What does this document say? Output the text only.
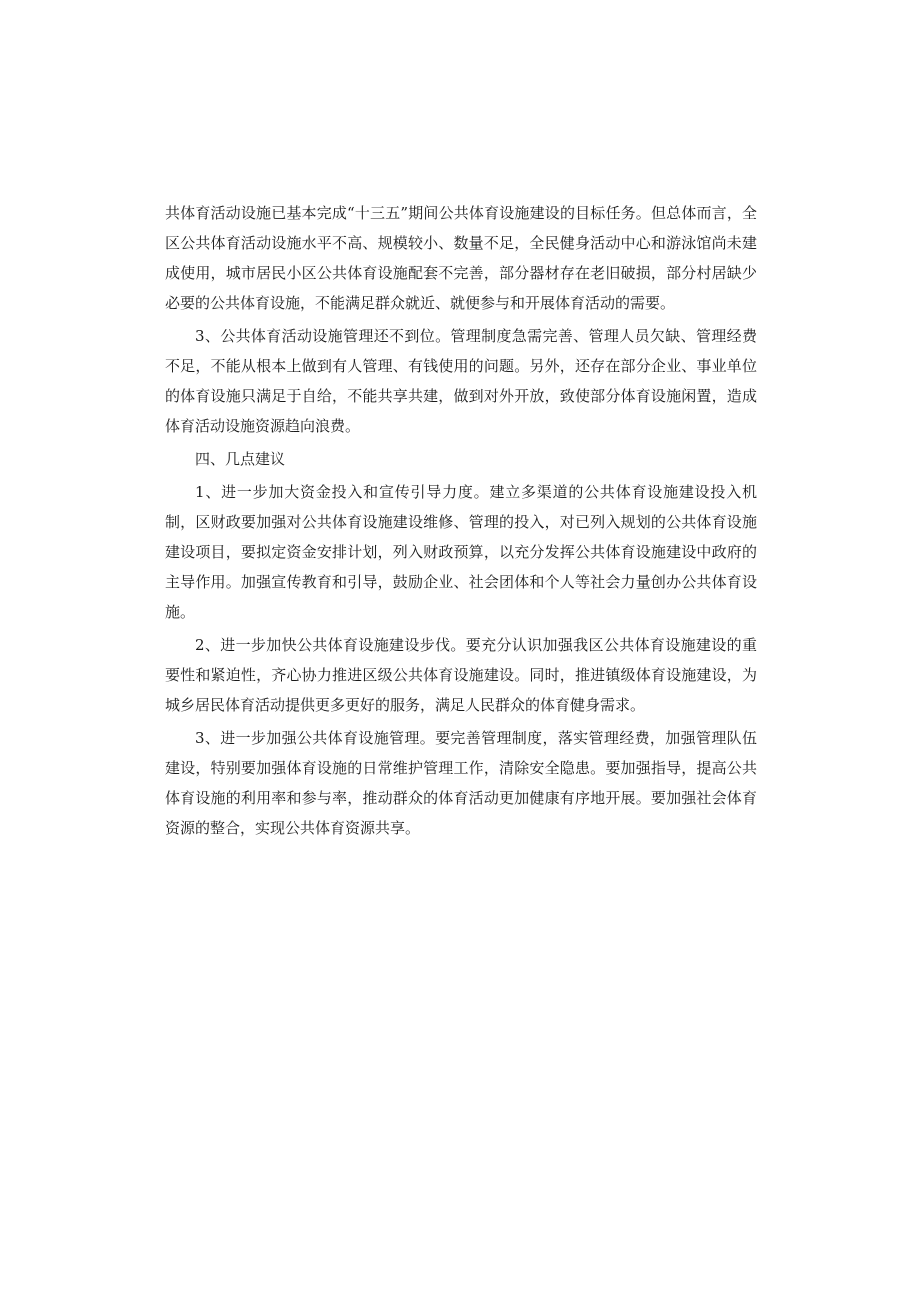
共体育活动设施已基本完成“十三五”期间公共体育设施建设的目标任务。但总体而言，全区公共体育活动设施水平不高、规模较小、数量不足，全民健身活动中心和游泳馆尚未建成使用，城市居民小区公共体育设施配套不完善，部分器材存在老旧破损，部分村居缺少必要的公共体育设施，不能满足群众就近、就便参与和开展体育活动的需要。

3、公共体育活动设施管理还不到位。管理制度急需完善、管理人员欠缺、管理经费不足，不能从根本上做到有人管理、有钱使用的问题。另外，还存在部分企业、事业单位的体育设施只满足于自给，不能共享共建，做到对外开放，致使部分体育设施闲置，造成体育活动设施资源趋向浪费。

四、几点建议

1、进一步加大资金投入和宣传引导力度。建立多渠道的公共体育设施建设投入机制，区财政要加强对公共体育设施建设维修、管理的投入，对已列入规划的公共体育设施建设项目，要拟定资金安排计划，列入财政预算，以充分发挥公共体育设施建设中政府的主导作用。加强宣传教育和引导，鼓励企业、社会团体和个人等社会力量创办公共体育设施。

2、进一步加快公共体育设施建设步伐。要充分认识加强我区公共体育设施建设的重要性和紧迫性，齐心协力推进区级公共体育设施建设。同时，推进镇级体育设施建设，为城乡居民体育活动提供更多更好的服务，满足人民群众的体育健身需求。

3、进一步加强公共体育设施管理。要完善管理制度，落实管理经费，加强管理队伍建设，特别要加强体育设施的日常维护管理工作，清除安全隐患。要加强指导，提高公共体育设施的利用率和参与率，推动群众的体育活动更加健康有序地开展。要加强社会体育资源的整合，实现公共体育资源共享。
